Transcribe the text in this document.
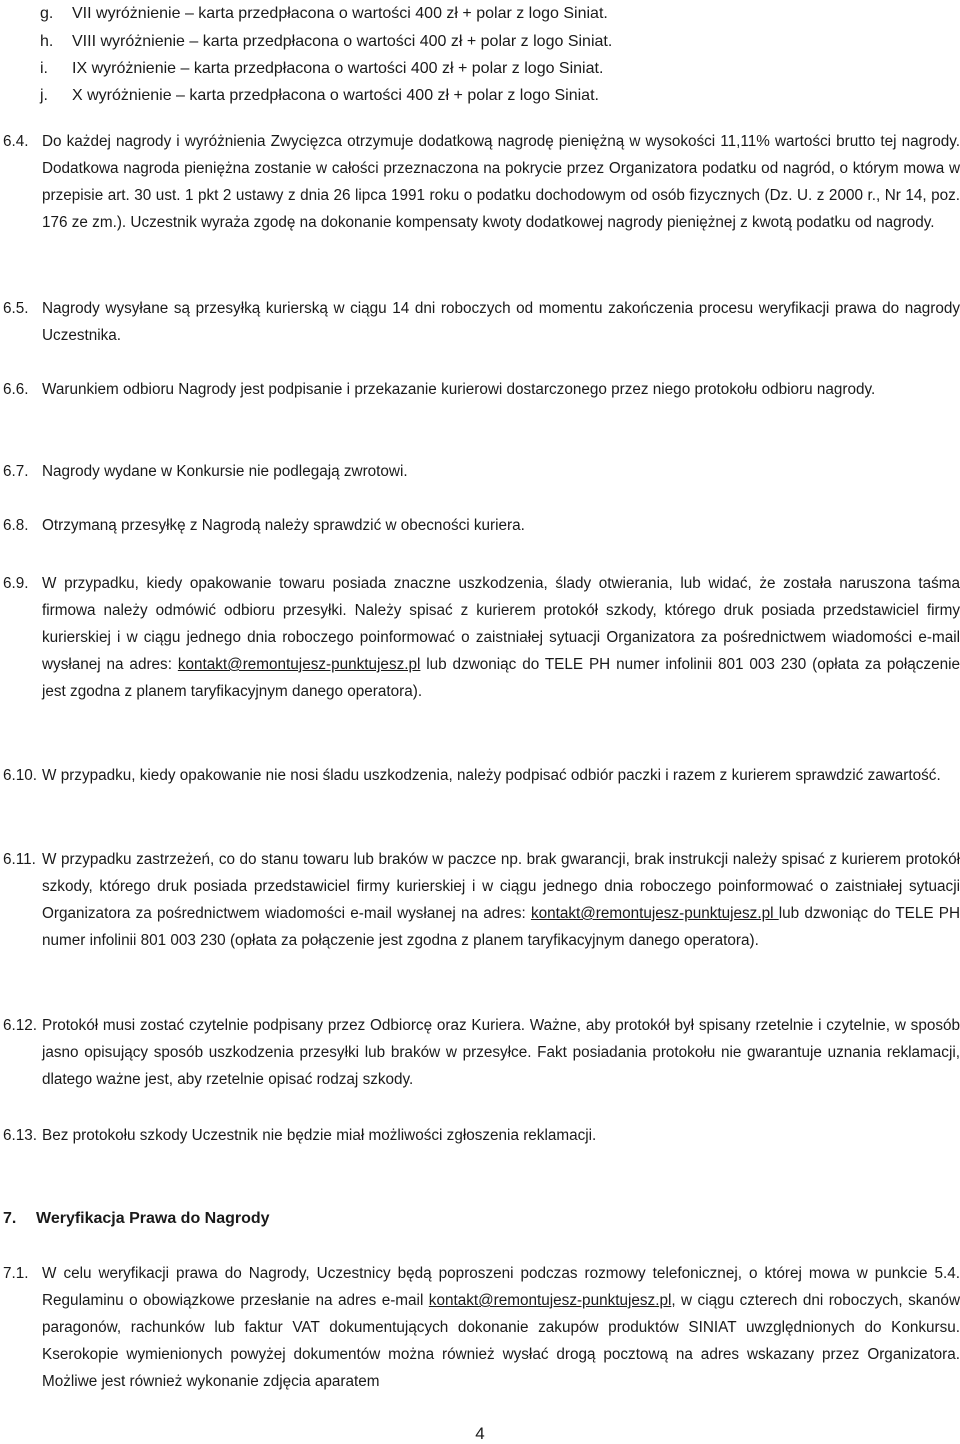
g. VII wyróżnienie – karta przedpłacona o wartości 400 zł + polar z logo Siniat.
h. VIII wyróżnienie – karta przedpłacona o wartości 400 zł + polar z logo Siniat.
i. IX wyróżnienie – karta przedpłacona o wartości 400 zł + polar z logo Siniat.
j. X wyróżnienie – karta przedpłacona o wartości 400 zł + polar z logo Siniat.
6.4. Do każdej nagrody i wyróżnienia Zwycięzca otrzymuje dodatkową nagrodę pieniężną w wysokości 11,11% wartości brutto tej nagrody. Dodatkowa nagroda pieniężna zostanie w całości przeznaczona na pokrycie przez Organizatora podatku od nagród, o którym mowa w przepisie art. 30 ust. 1 pkt 2 ustawy z dnia 26 lipca 1991 roku o podatku dochodowym od osób fizycznych (Dz. U. z 2000 r., Nr 14, poz. 176 ze zm.). Uczestnik wyraża zgodę na dokonanie kompensaty kwoty dodatkowej nagrody pieniężnej z kwotą podatku od nagrody.
6.5. Nagrody wysyłane są przesyłką kurierską w ciągu 14 dni roboczych od momentu zakończenia procesu weryfikacji prawa do nagrody Uczestnika.
6.6. Warunkiem odbioru Nagrody jest podpisanie i przekazanie kurierowi dostarczonego przez niego protokołu odbioru nagrody.
6.7. Nagrody wydane w Konkursie nie podlegają zwrotowi.
6.8. Otrzymaną przesyłkę z Nagrodą należy sprawdzić w obecności kuriera.
6.9. W przypadku, kiedy opakowanie towaru posiada znaczne uszkodzenia, ślady otwierania, lub widać, że została naruszona taśma firmowa należy odmówić odbioru przesyłki. Należy spisać z kurierem protokół szkody, którego druk posiada przedstawiciel firmy kurierskiej i w ciągu jednego dnia roboczego poinformować o zaistniałej sytuacji Organizatora za pośrednictwem wiadomości e-mail wysłanej na adres: kontakt@remontujesz-punktujesz.pl lub dzwoniąc do TELE PH numer infolinii 801 003 230 (opłata za połączenie jest zgodna z planem taryfikacyjnym danego operatora).
6.10. W przypadku, kiedy opakowanie nie nosi śladu uszkodzenia, należy podpisać odbiór paczki i razem z kurierem sprawdzić zawartość.
6.11. W przypadku zastrzeżeń, co do stanu towaru lub braków w paczce np. brak gwarancji, brak instrukcji należy spisać z kurierem protokół szkody, którego druk posiada przedstawiciel firmy kurierskiej i w ciągu jednego dnia roboczego poinformować o zaistniałej sytuacji Organizatora za pośrednictwem wiadomości e-mail wysłanej na adres: kontakt@remontujesz-punktujesz.pl lub dzwoniąc do TELE PH numer infolinii 801 003 230 (opłata za połączenie jest zgodna z planem taryfikacyjnym danego operatora).
6.12. Protokół musi zostać czytelnie podpisany przez Odbiorcę oraz Kuriera. Ważne, aby protokół był spisany rzetelnie i czytelnie, w sposób jasno opisujący sposób uszkodzenia przesyłki lub braków w przesyłce. Fakt posiadania protokołu nie gwarantuje uznania reklamacji, dlatego ważne jest, aby rzetelnie opisać rodzaj szkody.
6.13. Bez protokołu szkody Uczestnik nie będzie miał możliwości zgłoszenia reklamacji.
7. Weryfikacja Prawa do Nagrody
7.1. W celu weryfikacji prawa do Nagrody, Uczestnicy będą poproszeni podczas rozmowy telefonicznej, o której mowa w punkcie 5.4. Regulaminu o obowiązkowe przesłanie na adres e-mail kontakt@remontujesz-punktujesz.pl, w ciągu czterech dni roboczych, skanów paragonów, rachunków lub faktur VAT dokumentujących dokonanie zakupów produktów SINIAT uwzględnionych do Konkursu. Kserokopie wymienionych powyżej dokumentów można również wysłać drogą pocztową na adres wskazany przez Organizatora. Możliwe jest również wykonanie zdjęcia aparatem
4
